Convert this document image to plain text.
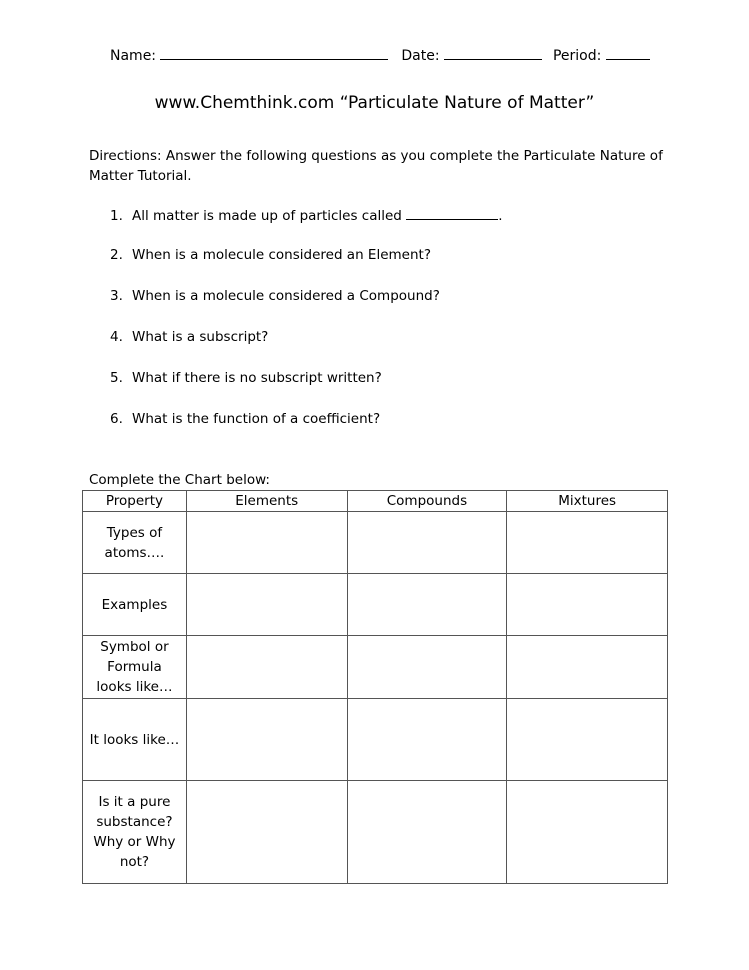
Name:	Date:	Period:
www.Chemthink.com “Particulate Nature of Matter”
Directions: Answer the following questions as you complete the Particulate Nature of Matter Tutorial.
1. All matter is made up of particles called	.
2. When is a molecule considered an Element?
3. When is a molecule considered a Compound?
4. What is a subscript?
5. What if there is no subscript written?
6. What is the function of a coefficient?
Complete the Chart below:
Property	Elements	Compounds	Mixtures

Types of
atoms….			

Examples			

Symbol or
Formula
looks like…			

It looks like…			

Is it a pure
substance?
Why or Why
not?			
